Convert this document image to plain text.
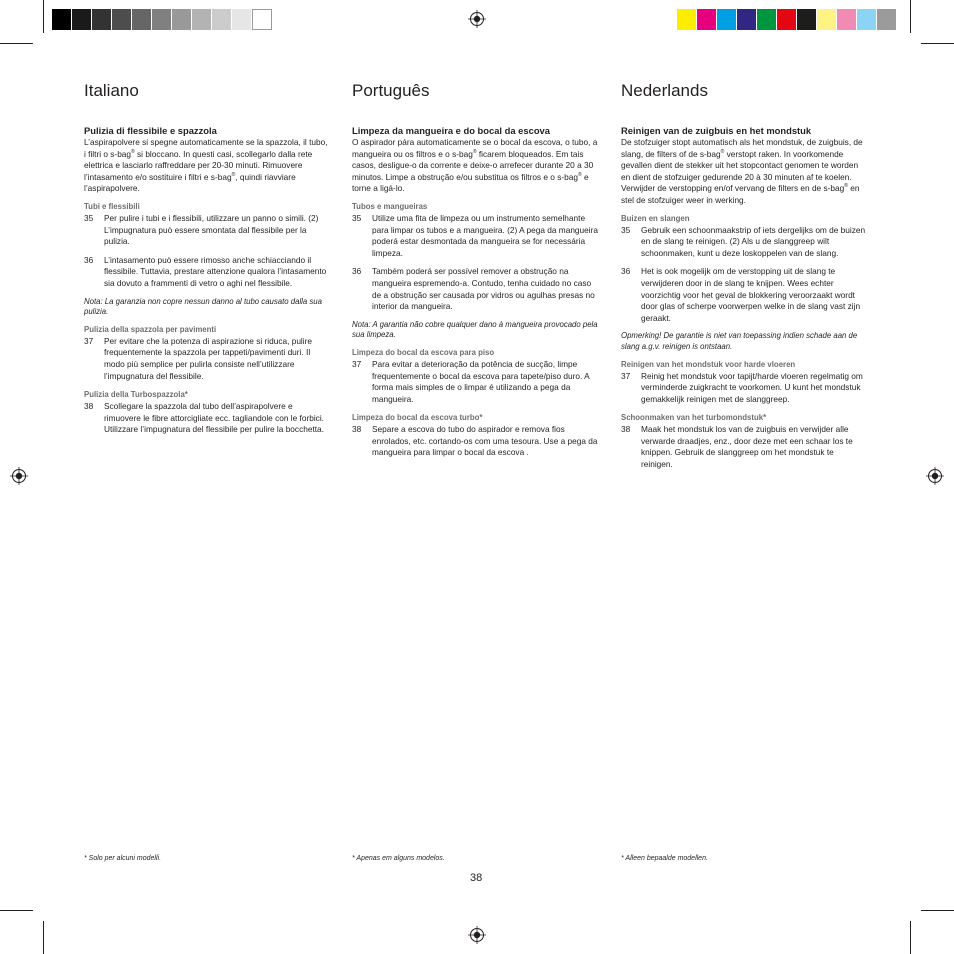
Italiano
Pulizia di flessibile e spazzola

L’aspirapolvere si spegne automaticamente se la spazzola, il tubo, i filtri o s-bag® si bloccano. In questi casi, scollegarlo dalla rete elettrica e lasciarlo raffreddare per 20-30 minuti. Rimuovere l’intasamento e/o sostituire i filtri e s-bag®, quindi riavviare l’aspirapolvere.

Tubi e flessibili
35	Per pulire i tubi e i flessibili, utilizzare un panno o simili. (2) L’impugnatura può essere smontata dal flessibile per la pulizia.
36	L’intasamento può essere rimosso anche schiacciando il flessibile. Tuttavia, prestare attenzione qualora l’intasamento sia dovuto a frammenti di vetro o aghi nel flessibile.

Nota: La garanzia non copre nessun danno al tubo causato dalla sua pulizia.

Pulizia della spazzola per pavimenti
37	Per evitare che la potenza di aspirazione si riduca, pulire frequentemente la spazzola per tappeti/pavimenti duri. Il modo più semplice per pulirla consiste nell’utilizzare l’impugnatura del flessibile.
Pulizia della Turbospazzola*
38	Scollegare la spazzola dal tubo dell’aspirapolvere e rimuovere le fibre attorcigliate ecc. tagliandole con le forbici. Utilizzare l’impugnatura del flessibile per pulire la bocchetta.
Português
Limpeza da mangueira e do bocal da escova

O aspirador pára automaticamente se o bocal da escova, o tubo, a mangueira ou os filtros e o s-bag® ficarem bloqueados. Em tais casos, desligue-o da corrente e deixe-o arrefecer durante 20 a 30 minutos. Limpe a obstrução e/ou substitua os filtros e o s-bag® e torne a ligá-lo.

Tubos e mangueiras
35	Utilize uma fita de limpeza ou um instrumento semelhante para limpar os tubos e a mangueira. (2) A pega da mangueira poderá estar desmontada da mangueira se for necessária limpeza.
36	Também poderá ser possível remover a obstrução na mangueira espremendo-a. Contudo, tenha cuidado no caso de a obstrução ser causada por vidros ou agulhas presas no interior da mangueira.

Nota: A garantia não cobre qualquer dano à mangueira provocado pela sua limpeza.

Limpeza do bocal da escova para piso
37	Para evitar a deterioração da potência de sucção, limpe frequentemente o bocal da escova para tapete/piso duro. A forma mais simples de o limpar é utilizando a pega da mangueira.
Limpeza do bocal da escova turbo*
38	Separe a escova do tubo do aspirador e remova fios enrolados, etc. cortando-os com uma tesoura. Use a pega da mangueira para limpar o bocal da escova .
Nederlands
Reinigen van de zuigbuis en het mondstuk

De stofzuiger stopt automatisch als het mondstuk, de zuigbuis, de slang, de filters of de s-bag® verstopt raken. In voorkomende gevallen dient de stekker uit het stopcontact genomen te worden en dient de stofzuiger gedurende 20 à 30 minuten af te koelen. Verwijder de verstopping en/of vervang de filters en de s-bag® en stel de stofzuiger weer in werking.

Buizen en slangen
35	Gebruik een schoonmaakstrip of iets dergelijks om de buizen en de slang te reinigen. (2) Als u de slanggreep wilt schoonmaken, kunt u deze loskoppelen van de slang.
36	Het is ook mogelijk om de verstopping uit de slang te verwijderen door in de slang te knijpen. Wees echter voorzichtig voor het geval de blokkering veroorzaakt wordt door glas of scherpe voorwerpen welke in de slang vast zijn geraakt.

Opmerking! De garantie is niet van toepassing indien schade aan de slang a.g.v. reinigen is ontstaan.

Reinigen van het mondstuk voor harde vloeren
37	Reinig het mondstuk voor tapijt/harde vloeren regelmatig om verminderde zuigkracht te voorkomen. U kunt het mondstuk gemakkelijk reinigen met de slanggreep.
Schoonmaken van het turbomondstuk*
38	Maak het mondstuk los van de zuigbuis en verwijder alle verwarde draadjes, enz., door deze met een schaar los te knippen. Gebruik de slanggreep om het mondstuk te reinigen.
* Solo per alcuni modelli.	* Apenas em alguns modelos.	* Alleen bepaalde modellen.
38
